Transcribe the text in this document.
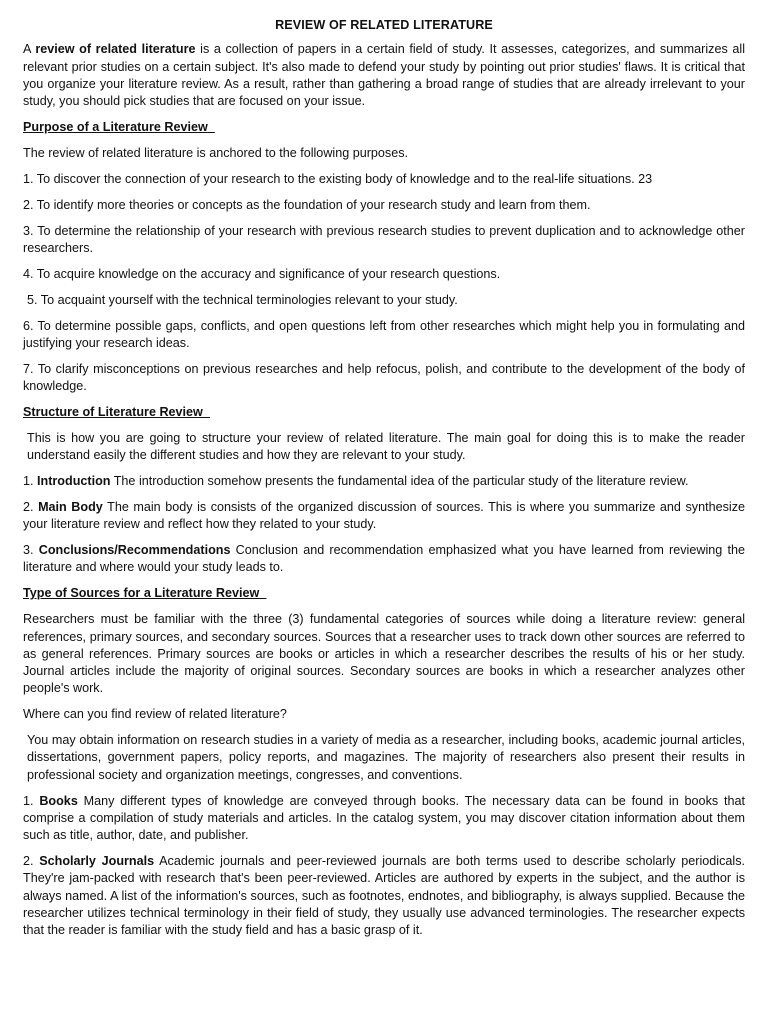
REVIEW OF RELATED LITERATURE

A review of related literature is a collection of papers in a certain field of study. It assesses, categorizes, and summarizes all relevant prior studies on a certain subject. It's also made to defend your study by pointing out prior studies' flaws. It is critical that you organize your literature review. As a result, rather than gathering a broad range of studies that are already irrelevant to your study, you should pick studies that are focused on your issue.

Purpose of a Literature Review

The review of related literature is anchored to the following purposes.

1. To discover the connection of your research to the existing body of knowledge and to the real-life situations. 23

2. To identify more theories or concepts as the foundation of your research study and learn from them.

3. To determine the relationship of your research with previous research studies to prevent duplication and to acknowledge other researchers.

4. To acquire knowledge on the accuracy and significance of your research questions.

5. To acquaint yourself with the technical terminologies relevant to your study.

6. To determine possible gaps, conflicts, and open questions left from other researches which might help you in formulating and justifying your research ideas.

7. To clarify misconceptions on previous researches and help refocus, polish, and contribute to the development of the body of knowledge.

Structure of Literature Review

This is how you are going to structure your review of related literature. The main goal for doing this is to make the reader understand easily the different studies and how they are relevant to your study.

1. Introduction The introduction somehow presents the fundamental idea of the particular study of the literature review.

2. Main Body The main body is consists of the organized discussion of sources. This is where you summarize and synthesize your literature review and reflect how they related to your study.

3. Conclusions/Recommendations Conclusion and recommendation emphasized what you have learned from reviewing the literature and where would your study leads to.

Type of Sources for a Literature Review

Researchers must be familiar with the three (3) fundamental categories of sources while doing a literature review: general references, primary sources, and secondary sources. Sources that a researcher uses to track down other sources are referred to as general references. Primary sources are books or articles in which a researcher describes the results of his or her study. Journal articles include the majority of original sources. Secondary sources are books in which a researcher analyzes other people's work.

Where can you find review of related literature?

You may obtain information on research studies in a variety of media as a researcher, including books, academic journal articles, dissertations, government papers, policy reports, and magazines. The majority of researchers also present their results in professional society and organization meetings, congresses, and conventions.

1. Books Many different types of knowledge are conveyed through books. The necessary data can be found in books that comprise a compilation of study materials and articles. In the catalog system, you may discover citation information about them such as title, author, date, and publisher.

2. Scholarly Journals Academic journals and peer-reviewed journals are both terms used to describe scholarly periodicals. They're jam-packed with research that's been peer-reviewed. Articles are authored by experts in the subject, and the author is always named. A list of the information's sources, such as footnotes, endnotes, and bibliography, is always supplied. Because the researcher utilizes technical terminology in their field of study, they usually use advanced terminologies. The researcher expects that the reader is familiar with the study field and has a basic grasp of it.
